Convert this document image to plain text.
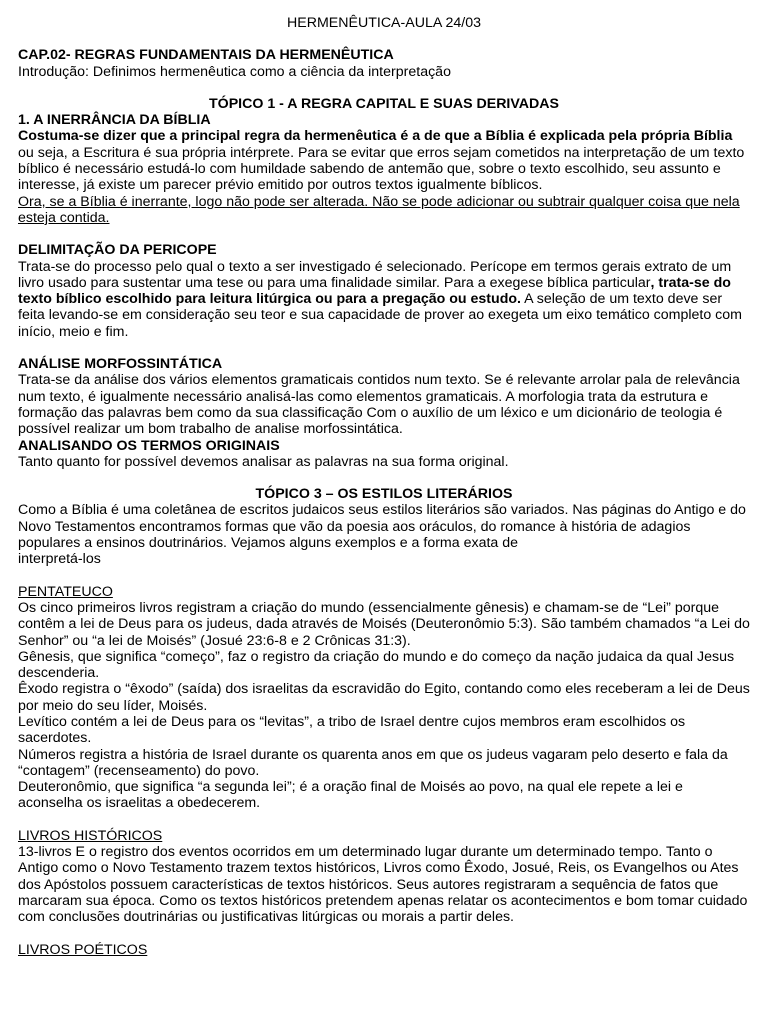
HERMENÊUTICA-AULA 24/03

CAP.02- REGRAS FUNDAMENTAIS DA HERMENÊUTICA

Introdução: Definimos hermenêutica como a ciência da interpretação

TÓPICO 1 - A REGRA CAPITAL E SUAS DERIVADAS

1. A INERRÂNCIA DA BÍBLIA

Costuma-se dizer que a principal regra da hermenêutica é a de que a Bíblia é explicada pela própria Bíblia

ou seja, a Escritura é sua própria intérprete. Para se evitar que erros sejam cometidos na interpretação de um texto bíblico é necessário estudá-lo com humildade sabendo de antemão que, sobre o texto escolhido, seu assunto e interesse, já existe um parecer prévio emitido por outros textos igualmente bíblicos.

Ora, se a Bíblia é inerrante, logo não pode ser alterada. Não se pode adicionar ou subtrair qualquer coisa que nela esteja contida.

DELIMITAÇÃO DA PERICOPE

Trata-se do processo pelo qual o texto a ser investigado é selecionado. Perícope em termos gerais extrato de um livro usado para sustentar uma tese ou para uma finalidade similar. Para a exegese bíblica particular, trata-se do texto bíblico escolhido para leitura litúrgica ou para a pregação ou estudo. A seleção de um texto deve ser feita levando-se em consideração seu teor e sua capacidade de prover ao exegeta um eixo temático completo com início, meio e fim.

ANÁLISE MORFOSSINTÁTICA

Trata-se da análise dos vários elementos gramaticais contidos num texto. Se é relevante arrolar pala de relevância num texto, é igualmente necessário analisá-las como elementos gramaticais. A morfologia trata da estrutura e formação das palavras bem como da sua classificação Com o auxílio de um léxico e um dicionário de teologia é possível realizar um bom trabalho de analise morfossintática.

ANALISANDO OS TERMOS ORIGINAIS

Tanto quanto for possível devemos analisar as palavras na sua forma original.

TÓPICO 3 – OS ESTILOS LITERÁRIOS

Como a Bíblia é uma coletânea de escritos judaicos seus estilos literários são variados. Nas páginas do Antigo e do Novo Testamentos encontramos formas que vão da poesia aos oráculos, do romance à história de adagios populares a ensinos doutrinários. Vejamos alguns exemplos e a forma exata de

interpretá-los

PENTATEUCO

Os cinco primeiros livros registram a criação do mundo (essencialmente gênesis) e chamam-se de “Lei” porque contêm a lei de Deus para os judeus, dada através de Moisés (Deuteronômio 5:3). São também chamados “a Lei do Senhor” ou “a lei de Moisés” (Josué 23:6-8 e 2 Crônicas 31:3).

Gênesis, que significa “começo”, faz o registro da criação do mundo e do começo da nação judaica da qual Jesus descenderia.

Êxodo registra o “êxodo” (saída) dos israelitas da escravidão do Egito, contando como eles receberam a lei de Deus por meio do seu líder, Moisés.

Levítico contém a lei de Deus para os “levitas”, a tribo de Israel dentre cujos membros eram escolhidos os sacerdotes.

Números registra a história de Israel durante os quarenta anos em que os judeus vagaram pelo deserto e fala da “contagem” (recenseamento) do povo.

Deuteronômio, que significa “a segunda lei”; é a oração final de Moisés ao povo, na qual ele repete a lei e aconselha os israelitas a obedecerem.

LIVROS HISTÓRICOS

13-livros E o registro dos eventos ocorridos em um determinado lugar durante um determinado tempo. Tanto o Antigo como o Novo Testamento trazem textos históricos, Livros como Êxodo, Josué, Reis, os Evangelhos ou Ates dos Apóstolos possuem características de textos históricos. Seus autores registraram a sequência de fatos que marcaram sua época. Como os textos históricos pretendem apenas relatar os acontecimentos e bom tomar cuidado com conclusões doutrinárias ou justificativas litúrgicas ou morais a partir deles.

LIVROS POÉTICOS
